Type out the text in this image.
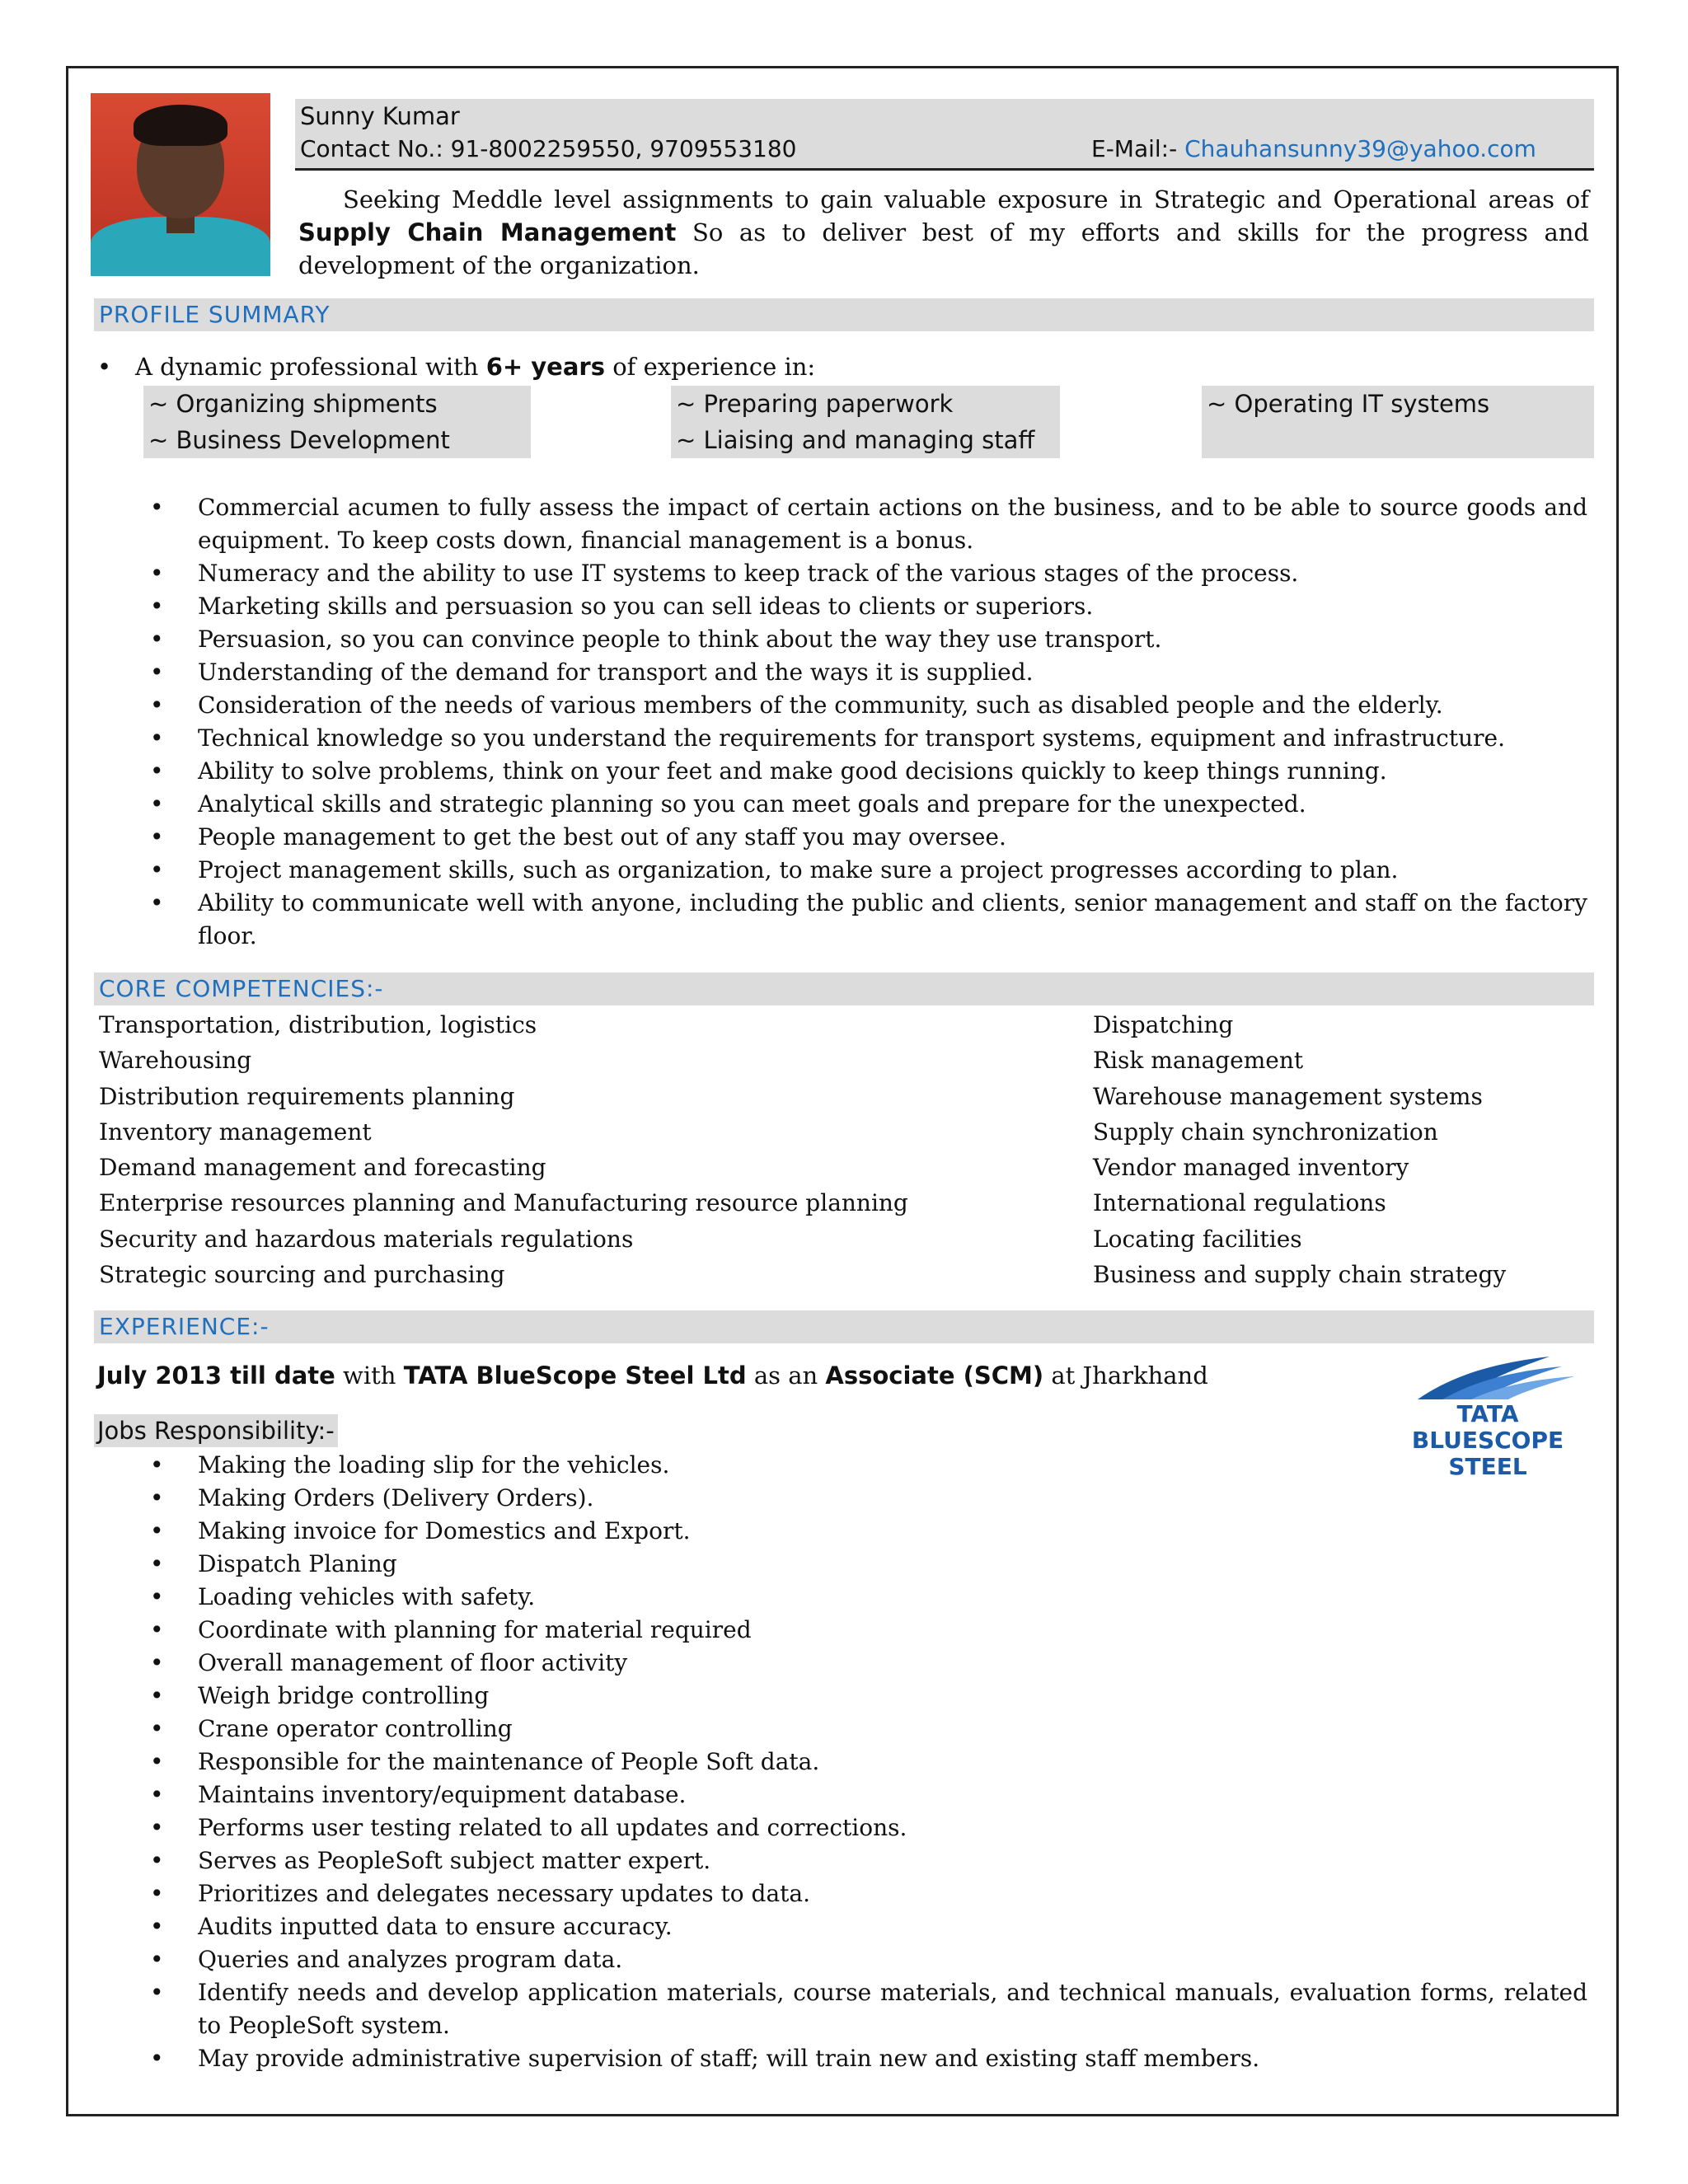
Sunny Kumar
Contact No.: 91-8002259550, 9709553180	E-Mail:- Chauhansunny39@yahoo.com
Seeking Meddle level assignments to gain valuable exposure in Strategic and Operational areas of Supply Chain Management So as to deliver best of my efforts and skills for the progress and development of the organization.
PROFILE SUMMARY
• A dynamic professional with 6+ years of experience in:
~ Organizing shipments
~ Business Development
~ Preparing paperwork
~ Liaising and managing staff
~ Operating IT systems
• Commercial acumen to fully assess the impact of certain actions on the business, and to be able to source goods and equipment. To keep costs down, financial management is a bonus.
• Numeracy and the ability to use IT systems to keep track of the various stages of the process.
• Marketing skills and persuasion so you can sell ideas to clients or superiors.
• Persuasion, so you can convince people to think about the way they use transport.
• Understanding of the demand for transport and the ways it is supplied.
• Consideration of the needs of various members of the community, such as disabled people and the elderly.
• Technical knowledge so you understand the requirements for transport systems, equipment and infrastructure.
• Ability to solve problems, think on your feet and make good decisions quickly to keep things running.
• Analytical skills and strategic planning so you can meet goals and prepare for the unexpected.
• People management to get the best out of any staff you may oversee.
• Project management skills, such as organization, to make sure a project progresses according to plan.
• Ability to communicate well with anyone, including the public and clients, senior management and staff on the factory floor.
CORE COMPETENCIES:-
Transportation, distribution, logistics
Warehousing
Distribution requirements planning
Inventory management
Demand management and forecasting
Enterprise resources planning and Manufacturing resource planning
Security and hazardous materials regulations
Strategic sourcing and purchasing
Dispatching
Risk management
Warehouse management systems
Supply chain synchronization
Vendor managed inventory
International regulations
Locating facilities
Business and supply chain strategy
EXPERIENCE:-
July 2013 till date with TATA BlueScope Steel Ltd as an Associate (SCM) at Jharkhand
TATA BLUESCOPE
STEEL
Jobs Responsibility:-
• Making the loading slip for the vehicles.
• Making Orders (Delivery Orders).
• Making invoice for Domestics and Export.
• Dispatch Planing
• Loading vehicles with safety.
• Coordinate with planning for material required
• Overall management of floor activity
• Weigh bridge controlling
• Crane operator controlling
• Responsible for the maintenance of People Soft data.
• Maintains inventory/equipment database.
• Performs user testing related to all updates and corrections.
• Serves as PeopleSoft subject matter expert.
• Prioritizes and delegates necessary updates to data.
• Audits inputted data to ensure accuracy.
• Queries and analyzes program data.
• Identify needs and develop application materials, course materials, and technical manuals, evaluation forms, related to PeopleSoft system.
• May provide administrative supervision of staff; will train new and existing staff members.
